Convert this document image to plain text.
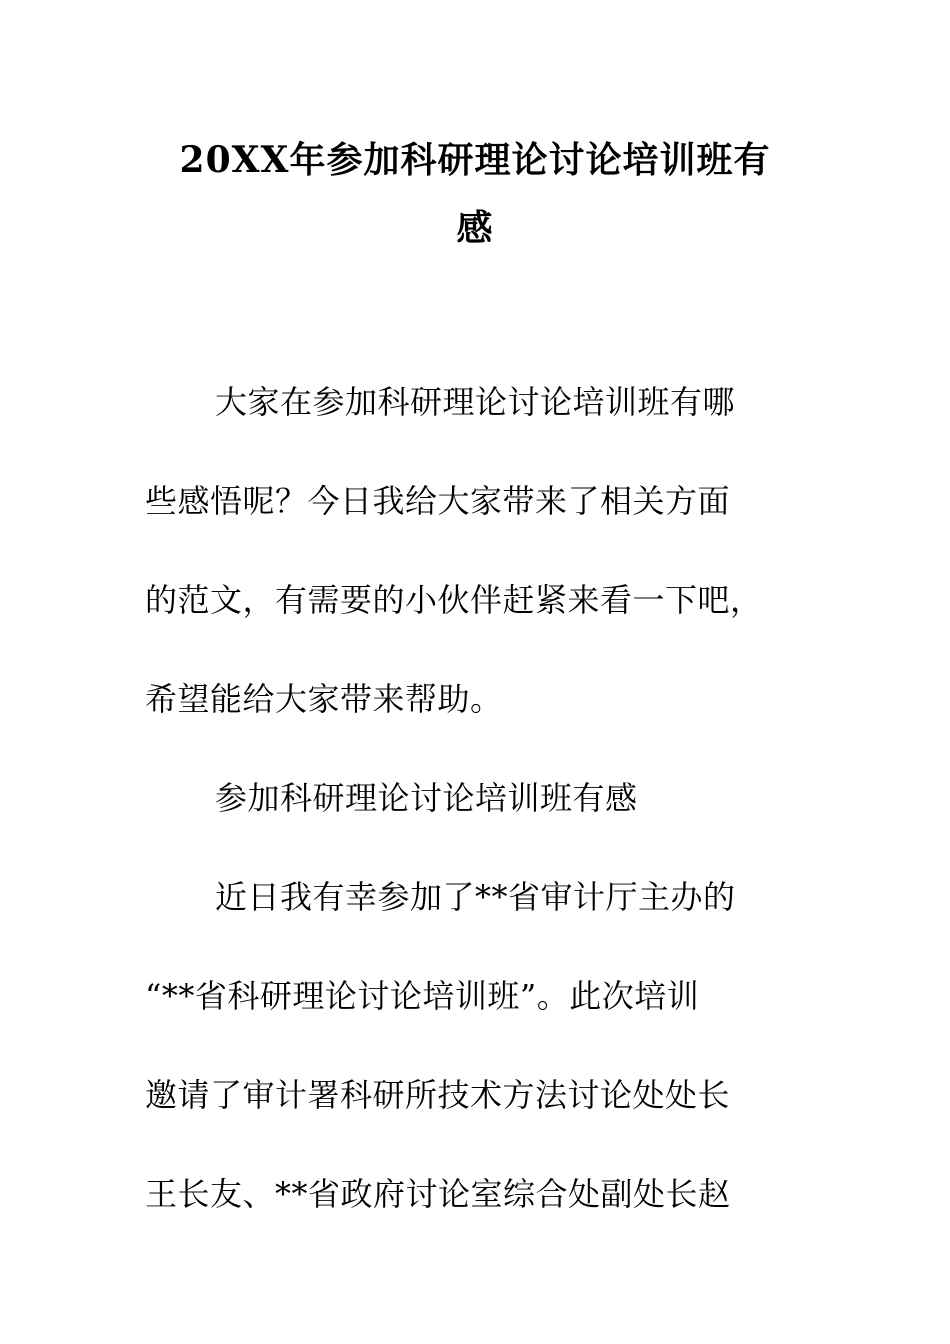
20XX年参加科研理论讨论培训班有
感
大家在参加科研理论讨论培训班有哪
些感悟呢？今日我给大家带来了相关方面
的范文，有需要的小伙伴赶紧来看一下吧，
希望能给大家带来帮助。
参加科研理论讨论培训班有感
近日我有幸参加了**省审计厅主办的
“**省科研理论讨论培训班”。此次培训
邀请了审计署科研所技术方法讨论处处长
王长友、**省政府讨论室综合处副处长赵
